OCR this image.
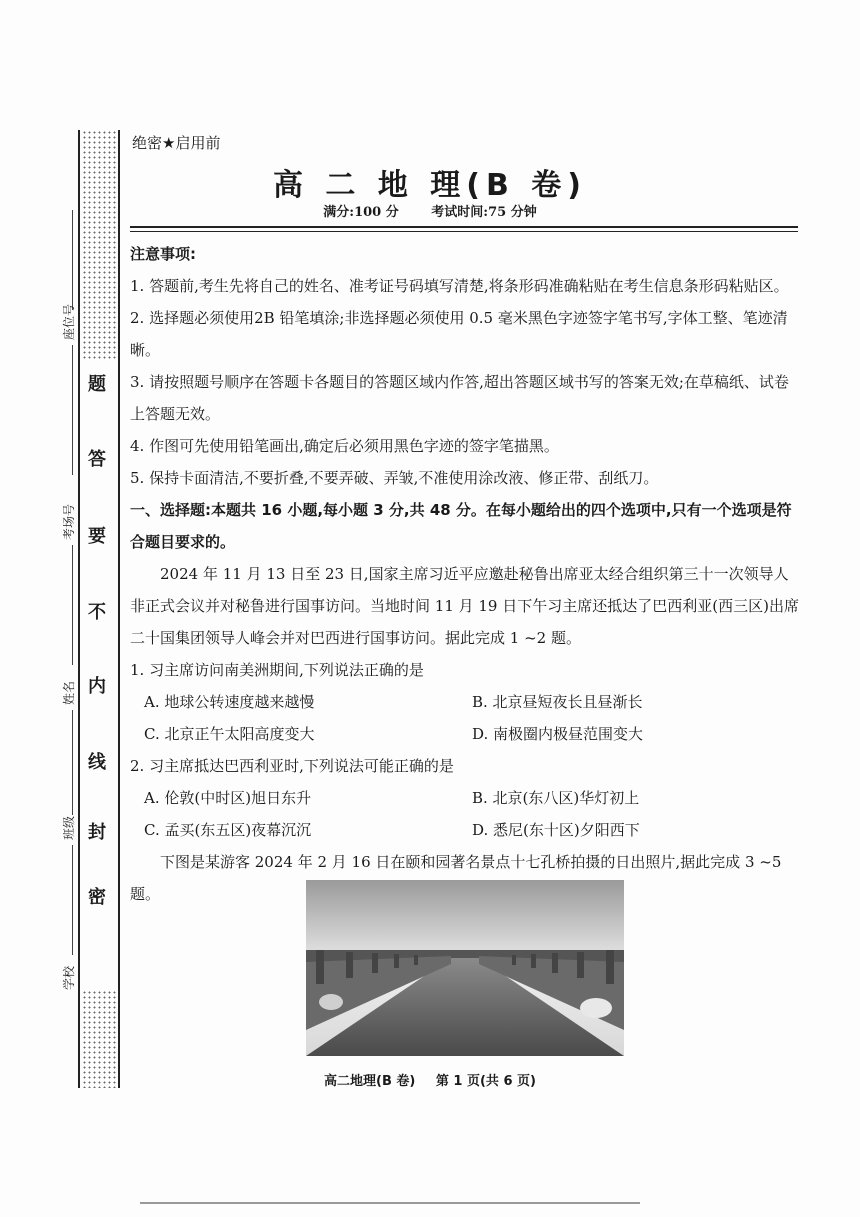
座位号
考场号
姓名
班级
学校
题
答
要
不
内
线
封
密
绝密★启用前
高 二 地 理(B 卷)
满分:100 分	考试时间:75 分钟

注意事项:

1. 答题前,考生先将自己的姓名、准考证号码填写清楚,将条形码准确粘贴在考生信息条形码粘贴区。

2. 选择题必须使用2B 铅笔填涂;非选择题必须使用 0.5 毫米黑色字迹签字笔书写,字体工整、笔迹清晰。

3. 请按照题号顺序在答题卡各题目的答题区域内作答,超出答题区域书写的答案无效;在草稿纸、试卷上答题无效。

4. 作图可先使用铅笔画出,确定后必须用黑色字迹的签字笔描黑。

5. 保持卡面清洁,不要折叠,不要弄破、弄皱,不准使用涂改液、修正带、刮纸刀。

一、选择题:本题共 16 小题,每小题 3 分,共 48 分。在每小题给出的四个选项中,只有一个选项是符合题目要求的。

2024 年 11 月 13 日至 23 日,国家主席习近平应邀赴秘鲁出席亚太经合组织第三十一次领导人非正式会议并对秘鲁进行国事访问。当地时间 11 月 19 日下午习主席还抵达了巴西利亚(西三区)出席二十国集团领导人峰会并对巴西进行国事访问。据此完成 1 ~2 题。

1. 习主席访问南美洲期间,下列说法正确的是

A. 地球公转速度越来越慢	B. 北京昼短夜长且昼渐长
C. 北京正午太阳高度变大	D. 南极圈内极昼范围变大

2. 习主席抵达巴西利亚时,下列说法可能正确的是

A. 伦敦(中时区)旭日东升	B. 北京(东八区)华灯初上
C. 孟买(东五区)夜幕沉沉	D. 悉尼(东十区)夕阳西下

下图是某游客 2024 年 2 月 16 日在颐和园著名景点十七孔桥拍摄的日出照片,据此完成 3 ~5 题。

高二地理(B 卷) 第 1 页(共 6 页)
